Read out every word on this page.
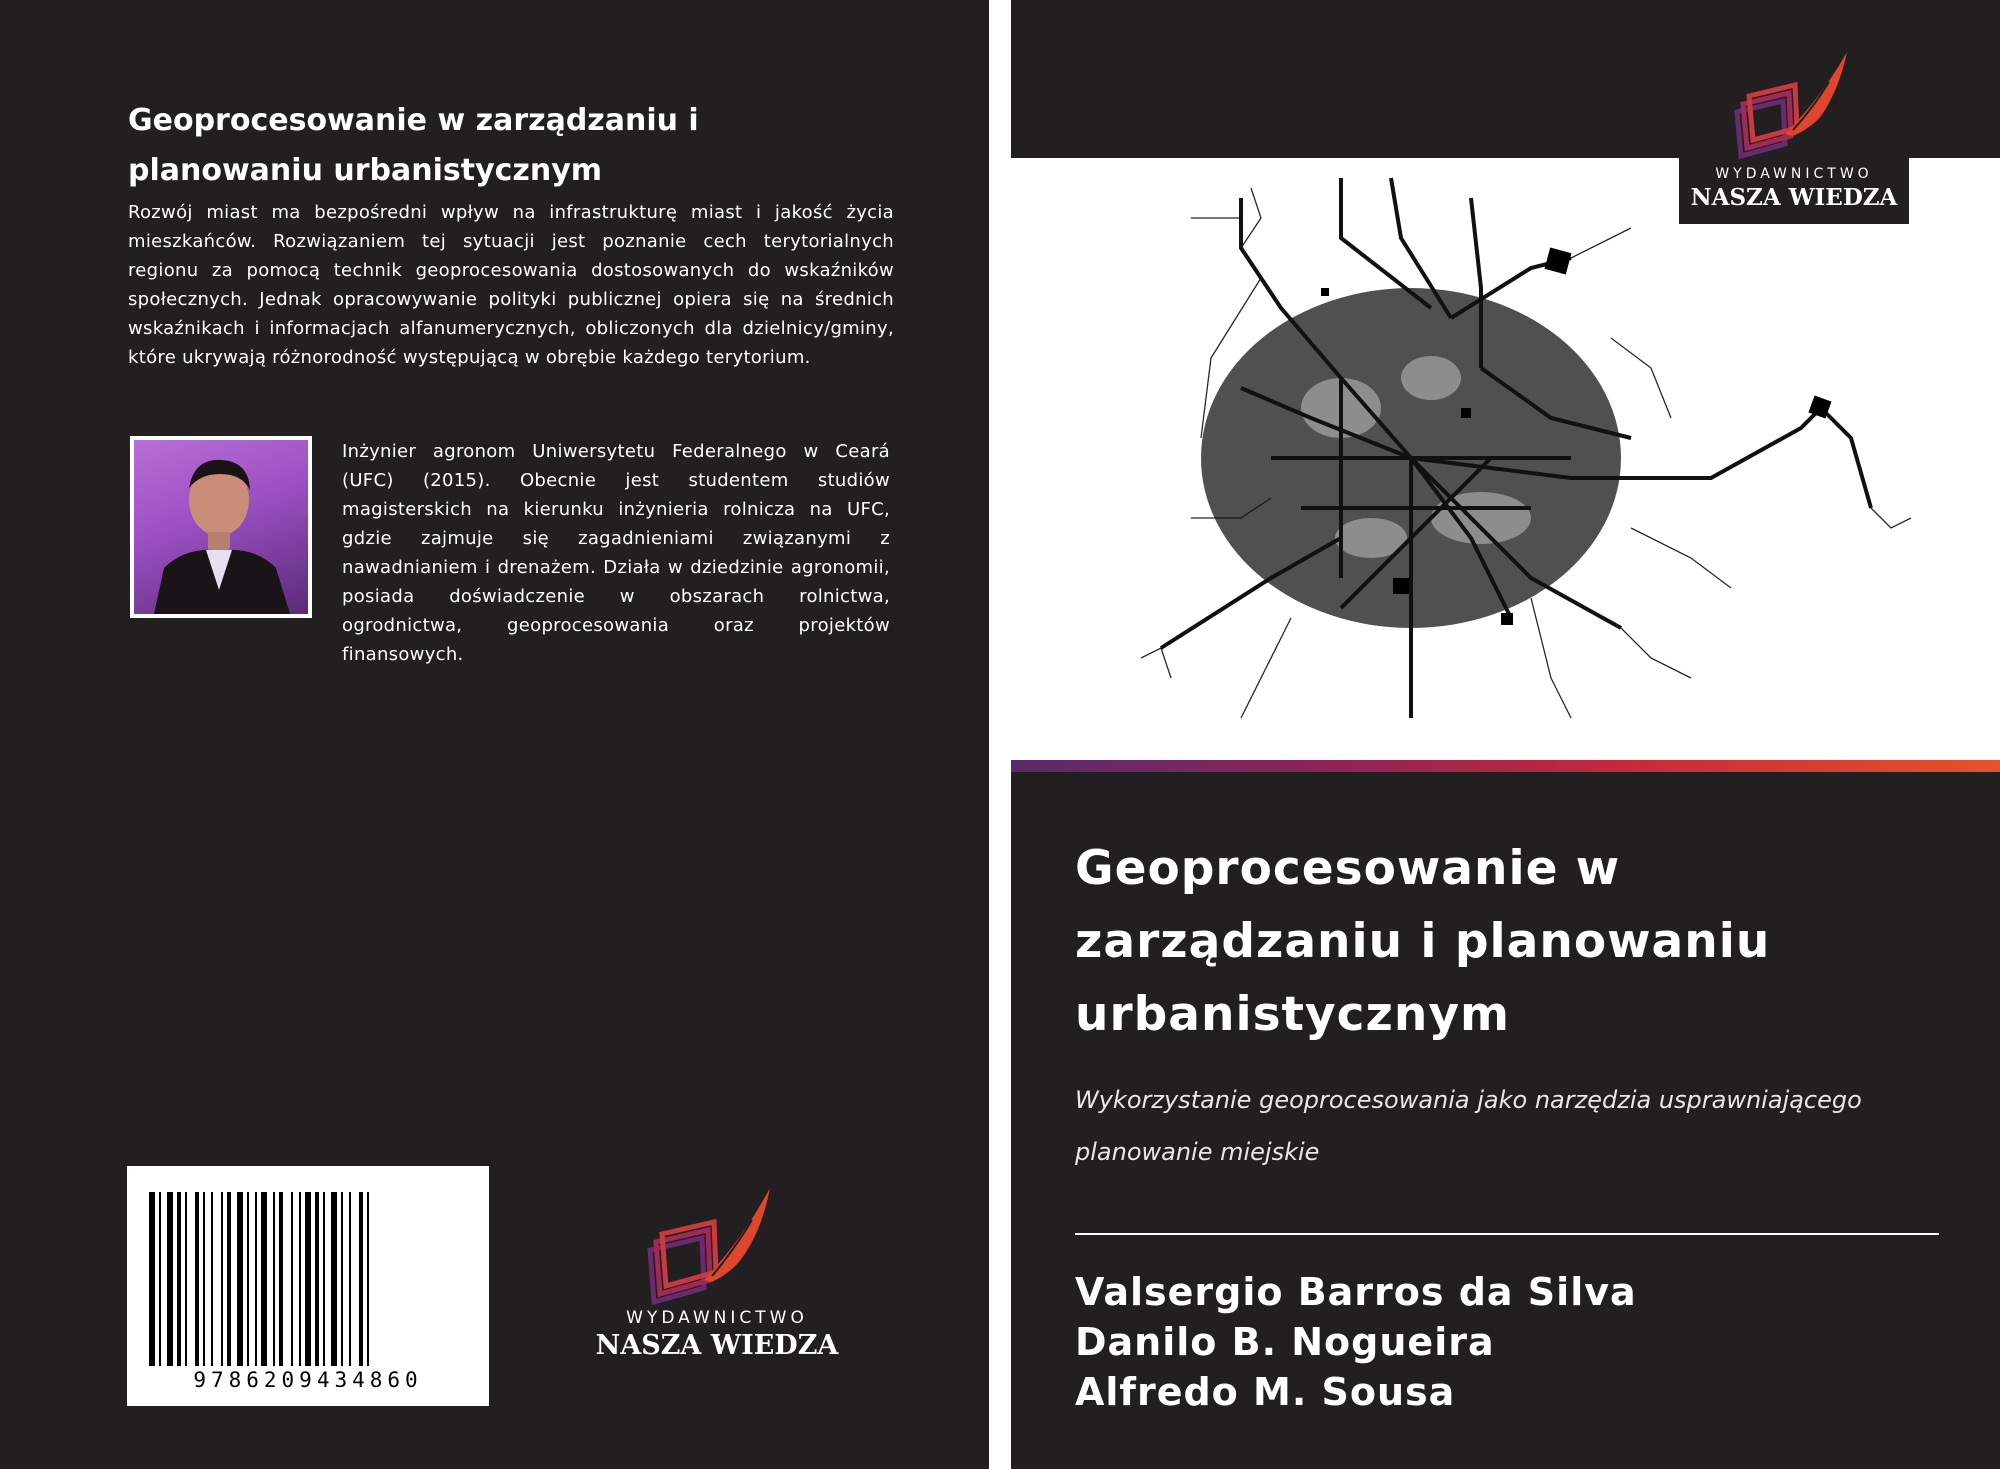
Geoprocesowanie w zarządzaniu i planowaniu urbanistycznym

Rozwój miast ma bezpośredni wpływ na infrastrukturę miast i jakość życia mieszkańców. Rozwiązaniem tej sytuacji jest poznanie cech terytorialnych regionu za pomocą technik geoprocesowania dostosowanych do wskaźników społecznych. Jednak opracowywanie polityki publicznej opiera się na średnich wskaźnikach i informacjach alfanumerycznych, obliczonych dla dzielnicy/gminy, które ukrywają różnorodność występującą w obrębie każdego terytorium.

Inżynier agronom Uniwersytetu Federalnego w Ceará (UFC) (2015). Obecnie jest studentem studiów magisterskich na kierunku inżynieria rolnicza na UFC, gdzie zajmuje się zagadnieniami związanymi z nawadnianiem i drenażem. Działa w dziedzinie agronomii, posiada doświadczenie w obszarach rolnictwa, ogrodnictwa, geoprocesowania oraz projektów finansowych.

9786209434860
WYDAWNICTWO
NASZA WIEDZA
WYDAWNICTWO
NASZA WIEDZA
Geoprocesowanie w zarządzaniu i planowaniu urbanistycznym

Wykorzystanie geoprocesowania jako narzędzia usprawniającego planowanie miejskie

Valsergio Barros da Silva
Danilo B. Nogueira
Alfredo M. Sousa
